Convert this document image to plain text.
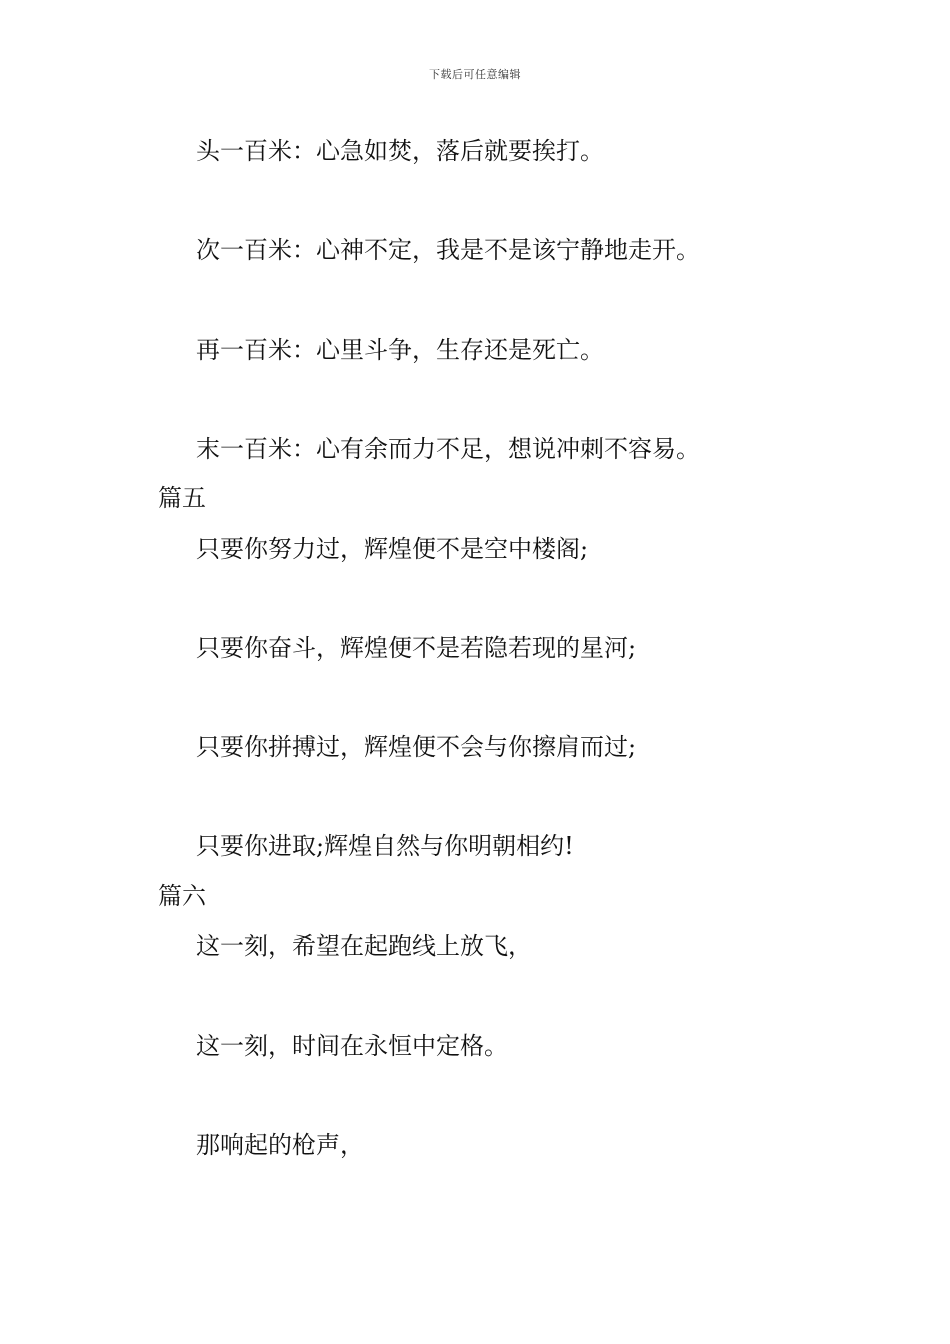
下载后可任意编辑
头一百米：心急如焚，落后就要挨打。
次一百米：心神不定，我是不是该宁静地走开。
再一百米：心里斗争，生存还是死亡。
末一百米：心有余而力不足，想说冲刺不容易。
篇五
只要你努力过，辉煌便不是空中楼阁;
只要你奋斗，辉煌便不是若隐若现的星河;
只要你拼搏过，辉煌便不会与你擦肩而过;
只要你进取;辉煌自然与你明朝相约!
篇六
这一刻，希望在起跑线上放飞，
这一刻，时间在永恒中定格。
那响起的枪声，
